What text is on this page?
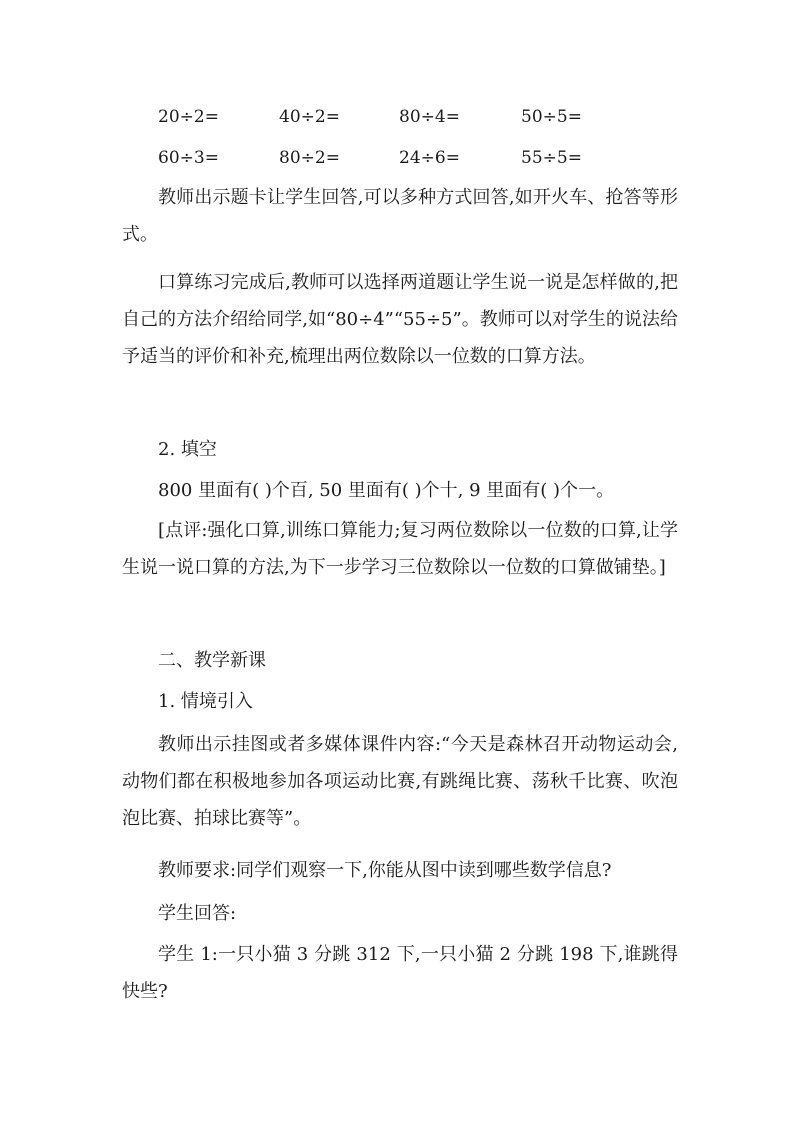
20÷2=	40÷2=	80÷4=	50÷5=
60÷3=	80÷2=	24÷6=	55÷5=

教师出示题卡让学生回答,可以多种方式回答,如开火车、抢答等形式。

口算练习完成后,教师可以选择两道题让学生说一说是怎样做的,把自己的方法介绍给同学,如“80÷4”“55÷5”。教师可以对学生的说法给予适当的评价和补充,梳理出两位数除以一位数的口算方法。

2. 填空

800 里面有( )个百, 50 里面有( )个十, 9 里面有( )个一。

[点评:强化口算,训练口算能力;复习两位数除以一位数的口算,让学生说一说口算的方法,为下一步学习三位数除以一位数的口算做铺垫。]

二、教学新课

1. 情境引入

教师出示挂图或者多媒体课件内容:“今天是森林召开动物运动会,动物们都在积极地参加各项运动比赛,有跳绳比赛、荡秋千比赛、吹泡泡比赛、拍球比赛等”。

教师要求:同学们观察一下,你能从图中读到哪些数学信息?

学生回答:

学生 1:一只小猫 3 分跳 312 下,一只小猫 2 分跳 198 下,谁跳得快些?
